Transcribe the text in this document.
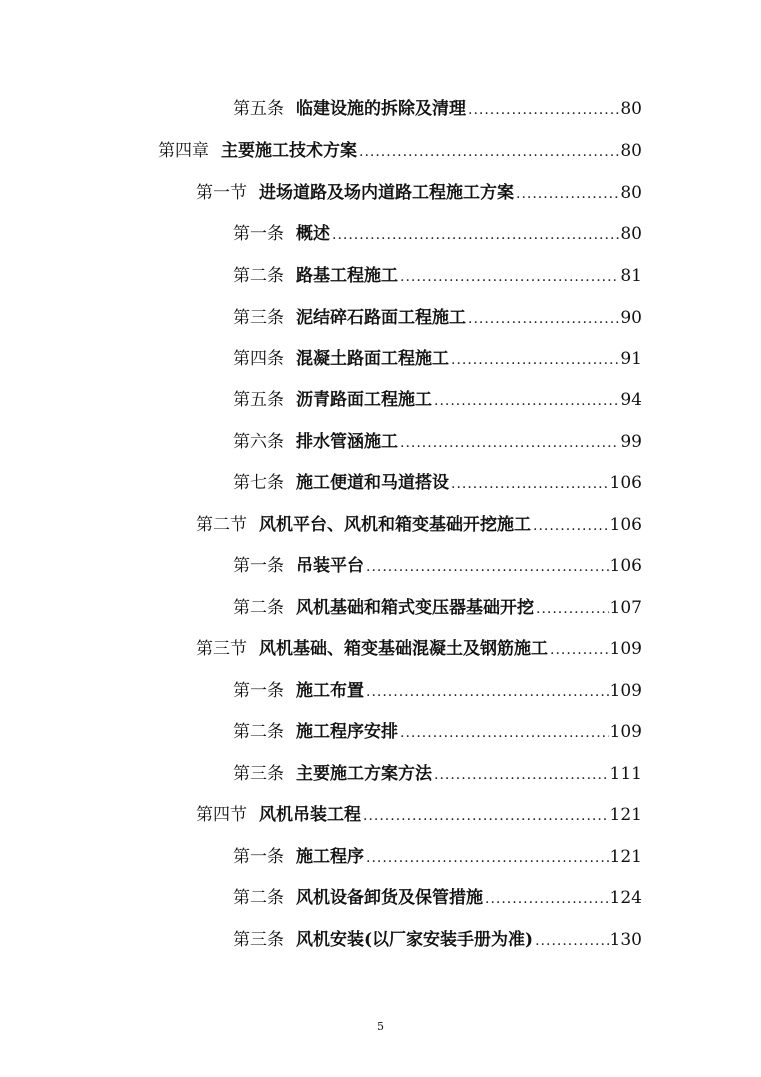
第五条 临建设施的拆除及清理 .....	80
第四章 主要施工技术方案 .....	80
第一节 进场道路及场内道路工程施工方案 .....	80
第一条 概述 .....	80
第二条 路基工程施工 .....	81
第三条 泥结碎石路面工程施工 .....	90
第四条 混凝土路面工程施工 .....	91
第五条 沥青路面工程施工 .....	94
第六条 排水管涵施工 .....	99
第七条 施工便道和马道搭设 .....	106
第二节 风机平台、风机和箱变基础开挖施工 .....	106
第一条 吊装平台 .....	106
第二条 风机基础和箱式变压器基础开挖 .....	107
第三节 风机基础、箱变基础混凝土及钢筋施工 .....	109
第一条 施工布置 .....	109
第二条 施工程序安排 .....	109
第三条 主要施工方案方法 .....	111
第四节 风机吊装工程 .....	121
第一条 施工程序 .....	121
第二条 风机设备卸货及保管措施 .....	124
第三条 风机安装(以厂家安装手册为准) .....	130
5
